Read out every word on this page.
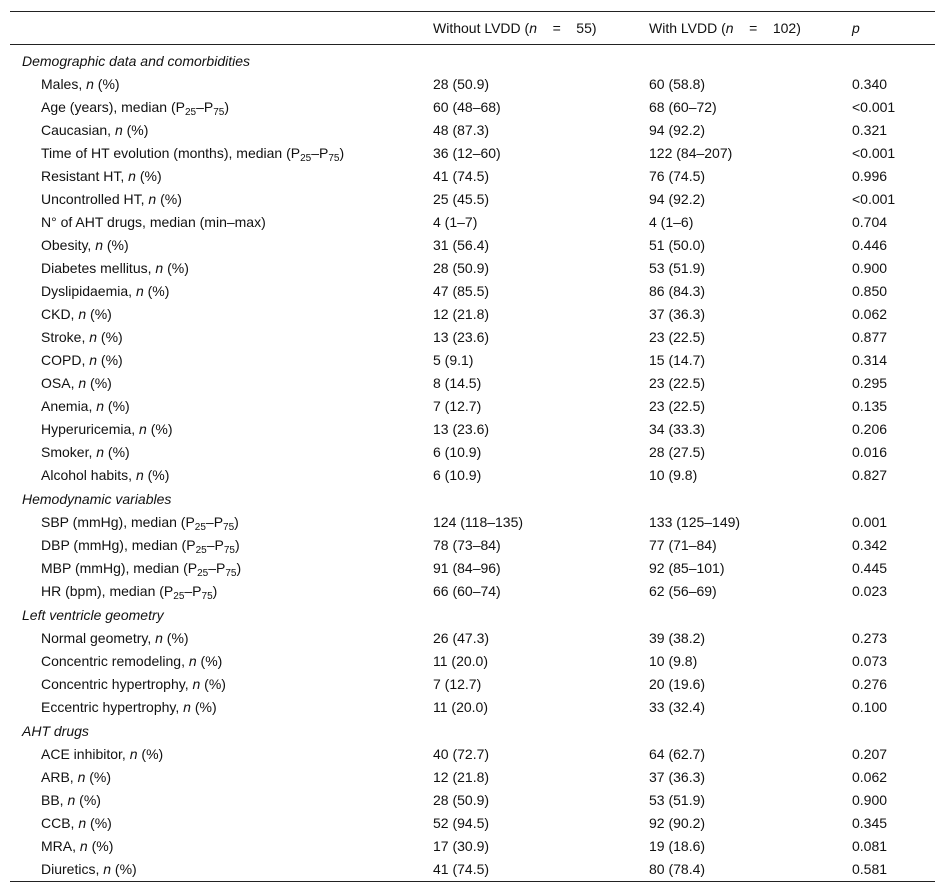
Without LVDD (n    =    55)	With LVDD (n    =    102)	p
Demographic data and comorbidities
Males, n (%)	28 (50.9)	60 (58.8)	0.340
Age (years), median $(P_{25}-P_{75})$	60 (48–68)	68 (60–72)	<0.001
Caucasian, n (%)	48 (87.3)	94 (92.2)	0.321
Time of HT evolution (months), median $(P_{25}-P_{75})$	36 (12–60)	122 (84–207)	<0.001
Resistant HT, n (%)	41 (74.5)	76 (74.5)	0.996
Uncontrolled HT, n (%)	25 (45.5)	94 (92.2)	<0.001
N° of AHT drugs, median (min–max)	4 (1–7)	4 (1–6)	0.704
Obesity, n (%)	31 (56.4)	51 (50.0)	0.446
Diabetes mellitus, n (%)	28 (50.9)	53 (51.9)	0.900
Dyslipidaemia, n (%)	47 (85.5)	86 (84.3)	0.850
CKD, n (%)	12 (21.8)	37 (36.3)	0.062
Stroke, n (%)	13 (23.6)	23 (22.5)	0.877
COPD, n (%)	5 (9.1)	15 (14.7)	0.314
OSA, n (%)	8 (14.5)	23 (22.5)	0.295
Anemia, n (%)	7 (12.7)	23 (22.5)	0.135
Hyperuricemia, n (%)	13 (23.6)	34 (33.3)	0.206
Smoker, n (%)	6 (10.9)	28 (27.5)	0.016
Alcohol habits, n (%)	6 (10.9)	10 (9.8)	0.827
Hemodynamic variables
SBP (mmHg), median $(P_{25}-P_{75})$	124 (118–135)	133 (125–149)	0.001
DBP (mmHg), median $(P_{25}-P_{75})$	78 (73–84)	77 (71–84)	0.342
MBP (mmHg), median $(P_{25}-P_{75})$	91 (84–96)	92 (85–101)	0.445
HR (bpm), median $(P_{25}-P_{75})$	66 (60–74)	62 (56–69)	0.023
Left ventricle geometry
Normal geometry, n (%)	26 (47.3)	39 (38.2)	0.273
Concentric remodeling, n (%)	11 (20.0)	10 (9.8)	0.073
Concentric hypertrophy, n (%)	7 (12.7)	20 (19.6)	0.276
Eccentric hypertrophy, n (%)	11 (20.0)	33 (32.4)	0.100
AHT drugs
ACE inhibitor, n (%)	40 (72.7)	64 (62.7)	0.207
ARB, n (%)	12 (21.8)	37 (36.3)	0.062
BB, n (%)	28 (50.9)	53 (51.9)	0.900
CCB, n (%)	52 (94.5)	92 (90.2)	0.345
MRA, n (%)	17 (30.9)	19 (18.6)	0.081
Diuretics, n (%)	41 (74.5)	80 (78.4)	0.581
